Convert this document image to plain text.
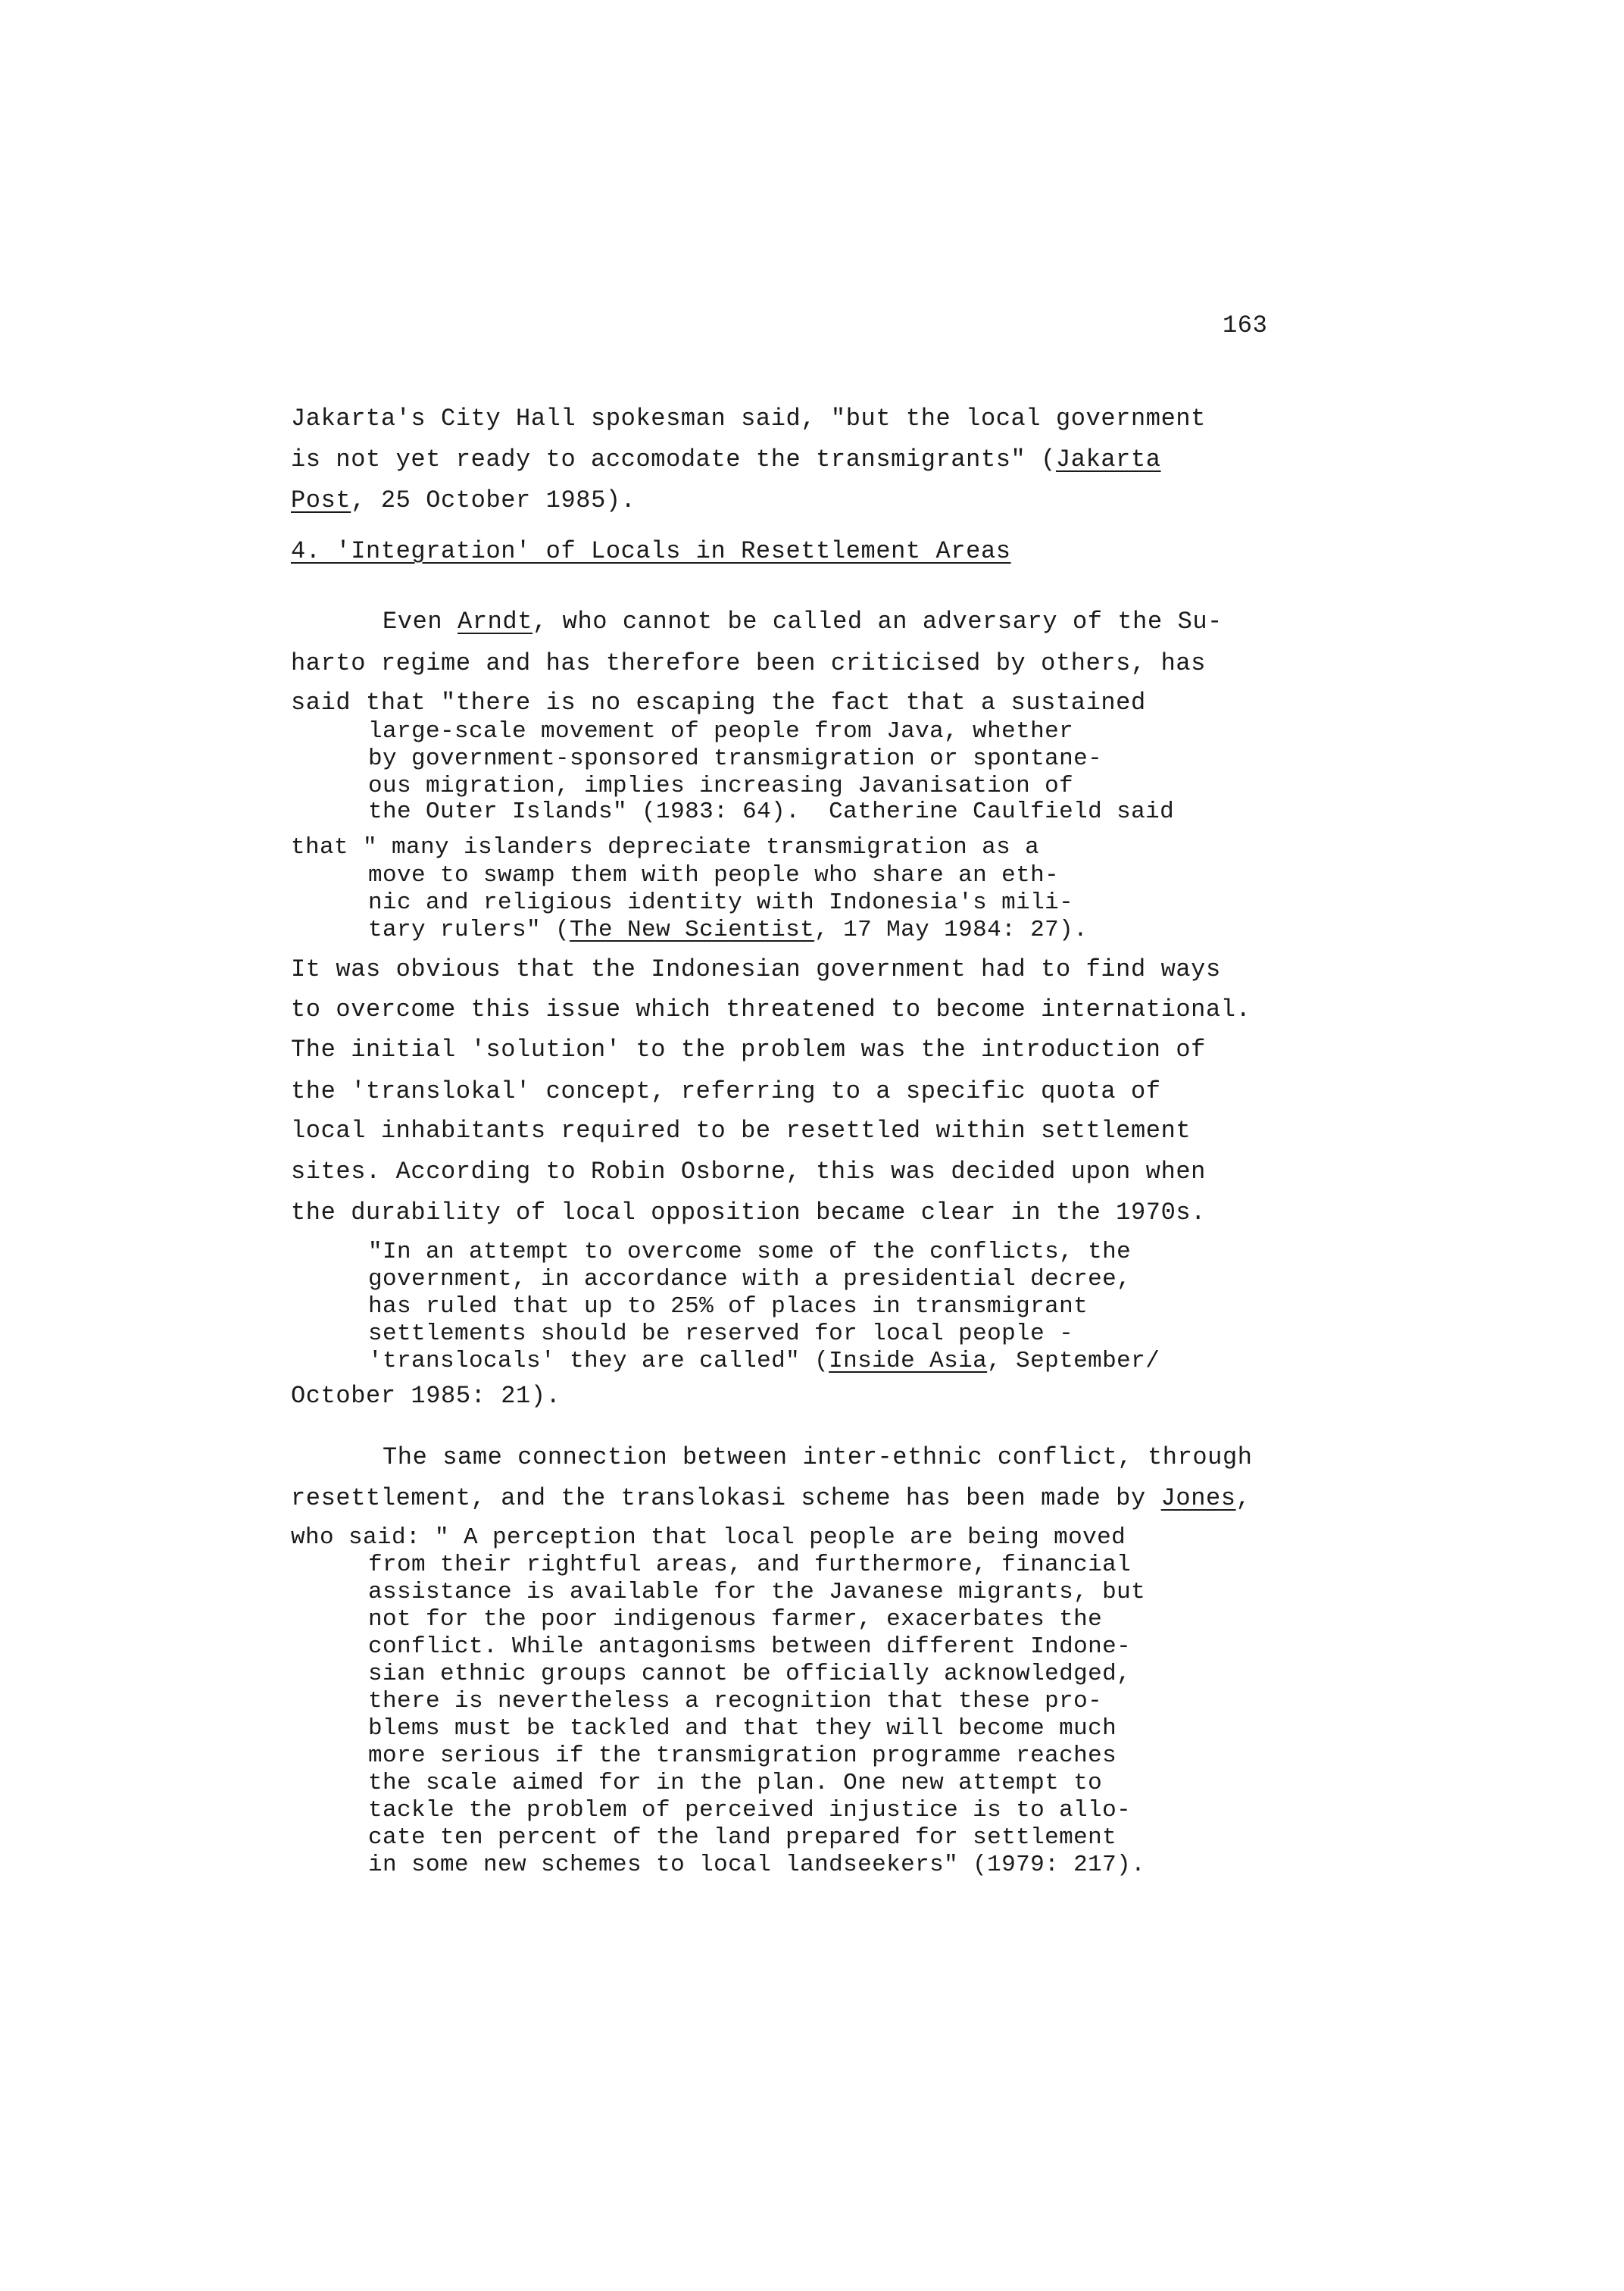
163
Jakarta's City Hall spokesman said, "but the local government
is not yet ready to accomodate the transmigrants" (Jakarta
Post, 25 October 1985).
4. 'Integration' of Locals in Resettlement Areas
Even Arndt, who cannot be called an adversary of the Su-
harto regime and has therefore been criticised by others, has
said that "there is no escaping the fact that a sustained
large-scale movement of people from Java, whether
by government-sponsored transmigration or spontane-
ous migration, implies increasing Javanisation of
the Outer Islands" (1983: 64).  Catherine Caulfield said
that " many islanders depreciate transmigration as a
move to swamp them with people who share an eth-
nic and religious identity with Indonesia's mili-
tary rulers" (The New Scientist, 17 May 1984: 27).
It was obvious that the Indonesian government had to find ways
to overcome this issue which threatened to become international.
The initial 'solution' to the problem was the introduction of
the 'translokal' concept, referring to a specific quota of
local inhabitants required to be resettled within settlement
sites. According to Robin Osborne, this was decided upon when
the durability of local opposition became clear in the 1970s.
"In an attempt to overcome some of the conflicts, the
government, in accordance with a presidential decree,
has ruled that up to 25% of places in transmigrant
settlements should be reserved for local people -
'translocals' they are called" (Inside Asia, September/
October 1985: 21).
The same connection between inter-ethnic conflict, through
resettlement, and the translokasi scheme has been made by Jones,
who said: " A perception that local people are being moved
from their rightful areas, and furthermore, financial
assistance is available for the Javanese migrants, but
not for the poor indigenous farmer, exacerbates the
conflict. While antagonisms between different Indone-
sian ethnic groups cannot be officially acknowledged,
there is nevertheless a recognition that these pro-
blems must be tackled and that they will become much
more serious if the transmigration programme reaches
the scale aimed for in the plan. One new attempt to
tackle the problem of perceived injustice is to allo-
cate ten percent of the land prepared for settlement
in some new schemes to local landseekers" (1979: 217).
